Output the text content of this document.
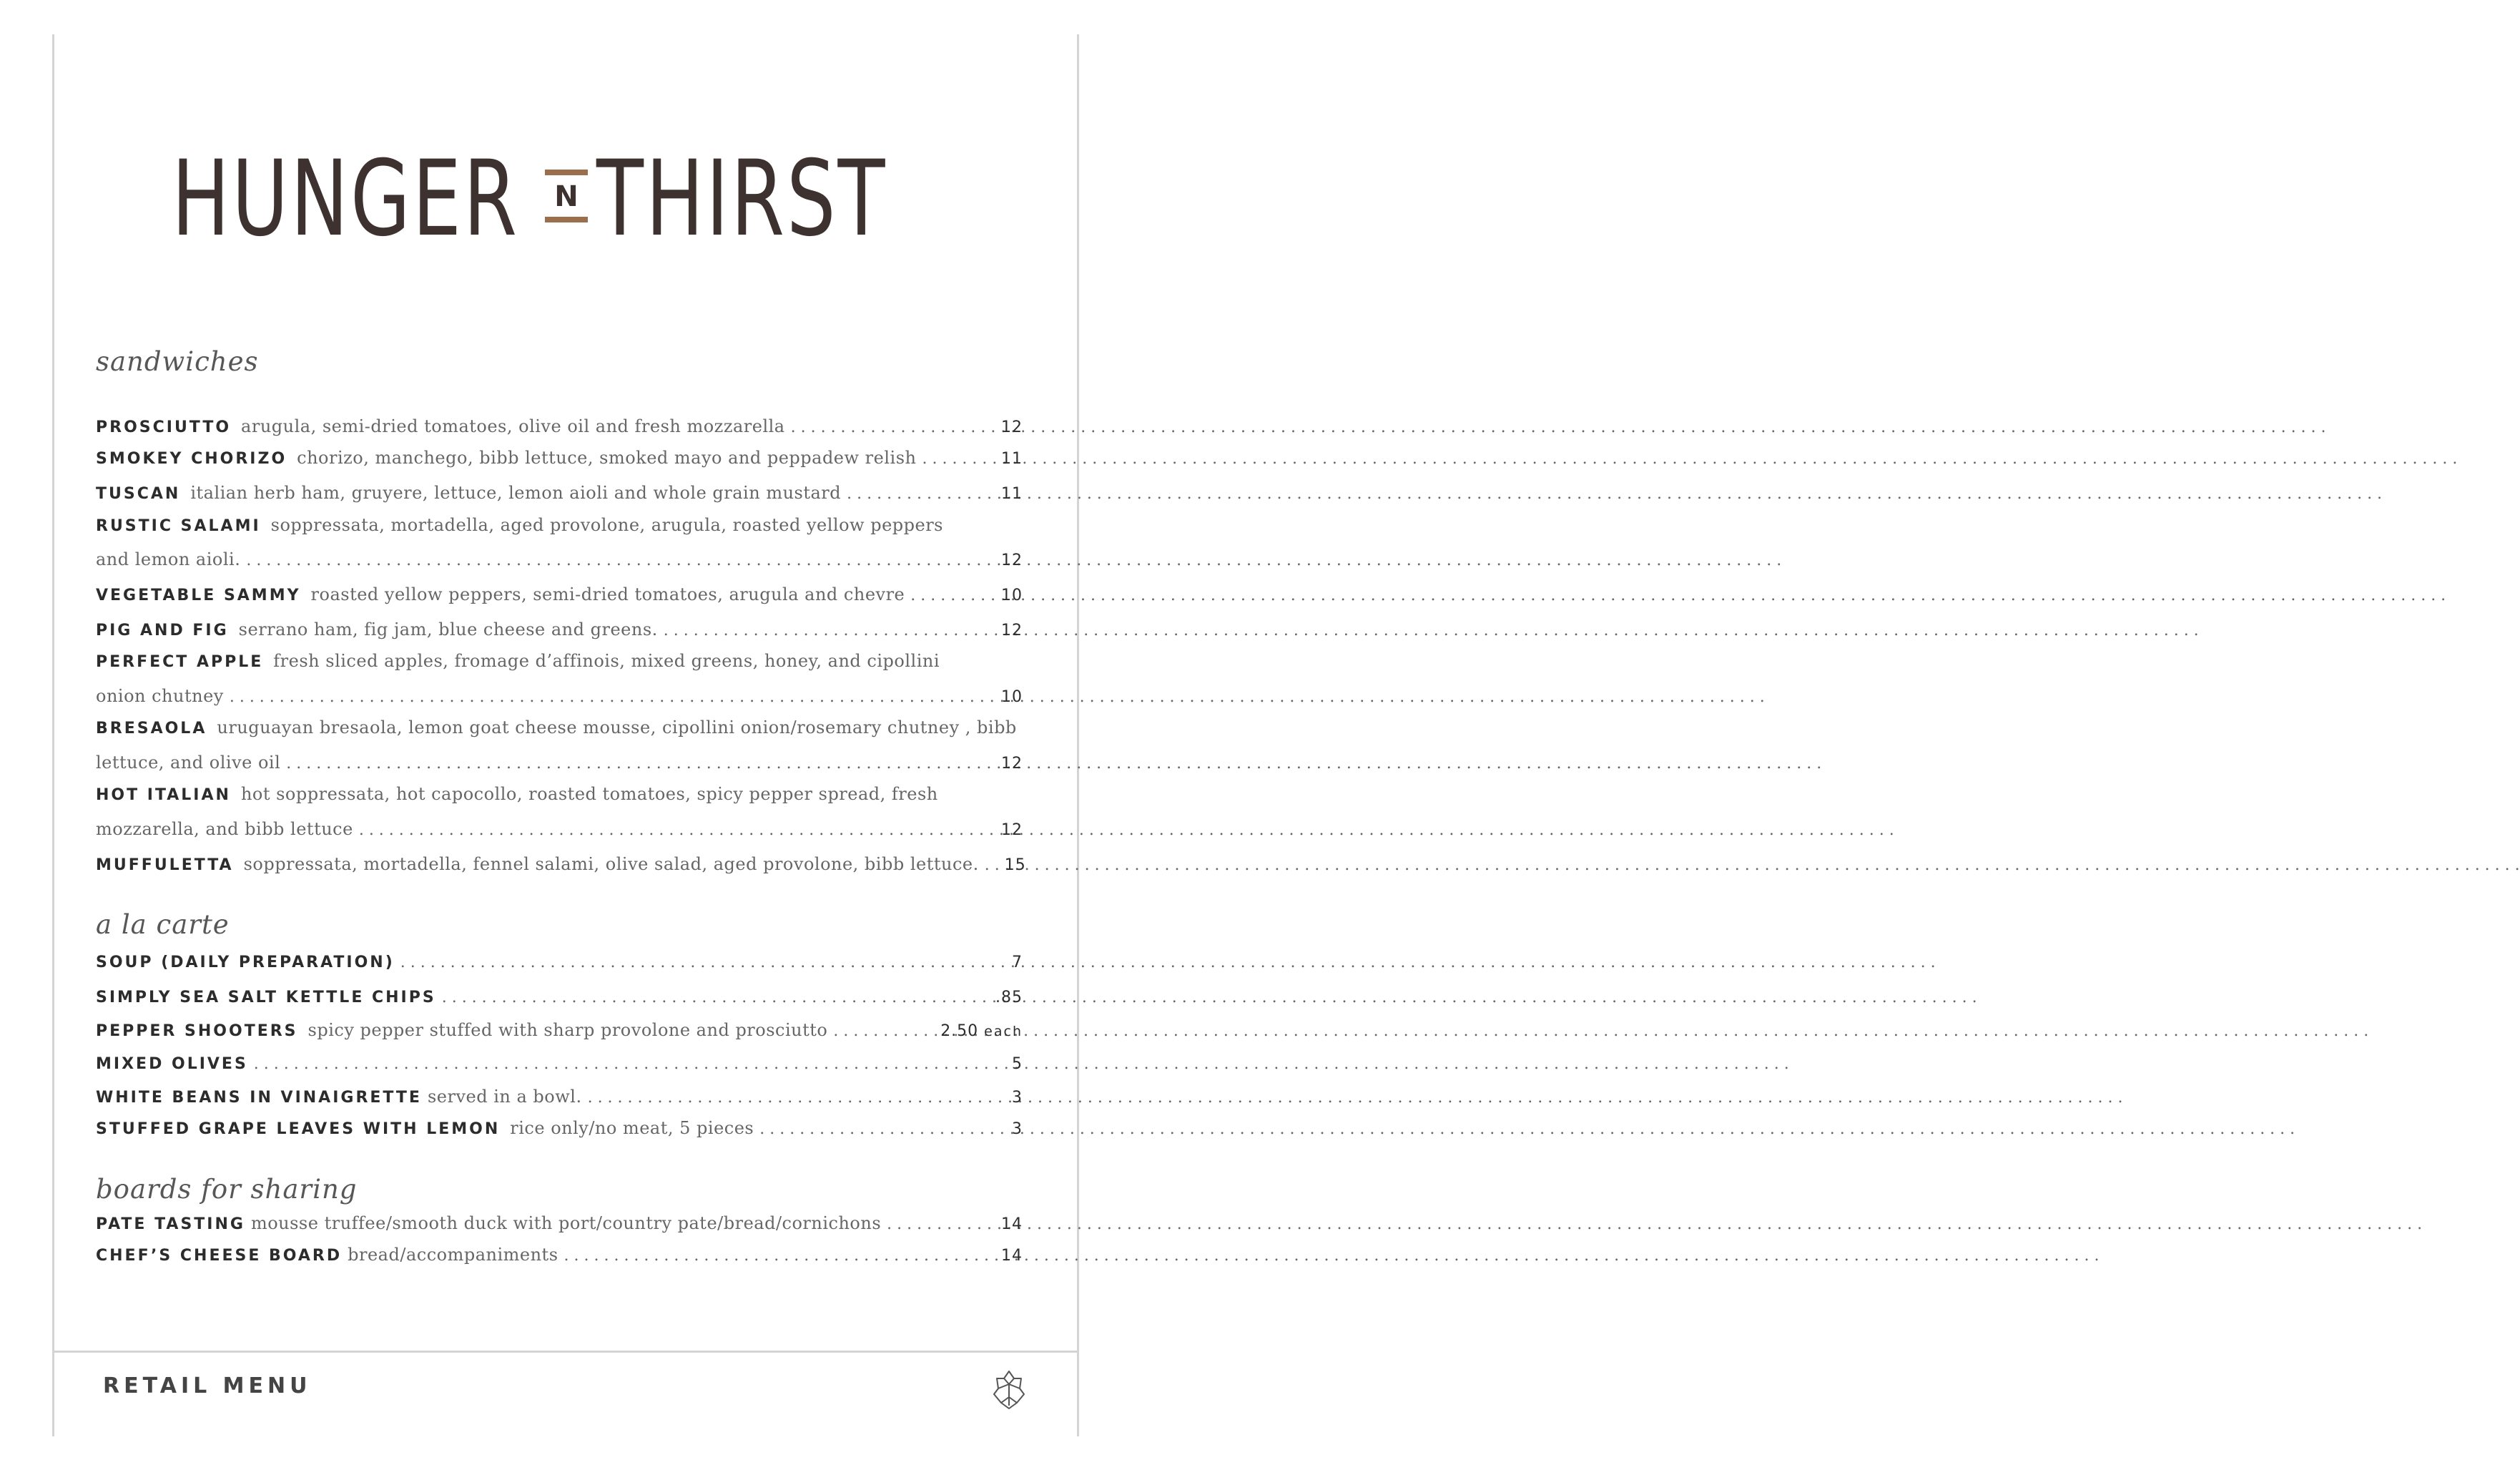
HUNGER	N THIRST
sandwiches
PROSCIUTTO arugula, semi-dried tomatoes, olive oil and fresh mozzarella . . .	12
SMOKEY CHORIZO chorizo, manchego, bibb lettuce, smoked mayo and peppadew relish . . .	11
TUSCAN italian herb ham, gruyere, lettuce, lemon aioli and whole grain mustard . . .	11
RUSTIC SALAMI soppressata, mortadella, aged provolone, arugula, roasted yellow peppers
and lemon aioli. . . .	12
VEGETABLE SAMMY roasted yellow peppers, semi-dried tomatoes, arugula and chevre . . .	10
PIG AND FIG serrano ham, fig jam, blue cheese and greens. . . .	12
PERFECT APPLE fresh sliced apples, fromage d’affinois, mixed greens, honey, and cipollini
onion chutney . . .	10
BRESAOLA uruguayan bresaola, lemon goat cheese mousse, cipollini onion/rosemary chutney , bibb
lettuce, and olive oil . . .	12
HOT ITALIAN hot soppressata, hot capocollo, roasted tomatoes, spicy pepper spread, fresh
mozzarella, and bibb lettuce . . .	12
MUFFULETTA soppressata, mortadella, fennel salami, olive salad, aged provolone, bibb lettuce. . . . 15
a la carte
SOUP (DAILY PREPARATION) . . .	7
SIMPLY SEA SALT KETTLE CHIPS . . .	.85
PEPPER SHOOTERS spicy pepper stuffed with sharp provolone and prosciutto . . .	2.50 each
MIXED OLIVES . . .	5
WHITE BEANS IN VINAIGRETTE served in a bowl. . . .	3
STUFFED GRAPE LEAVES WITH LEMON rice only/no meat, 5 pieces . . .	3
boards for sharing
PATE TASTING mousse truffee/smooth duck with port/country pate/bread/cornichons . . .	14
CHEF’S CHEESE BOARD bread/accompaniments . . .	14
RETAIL MENU
